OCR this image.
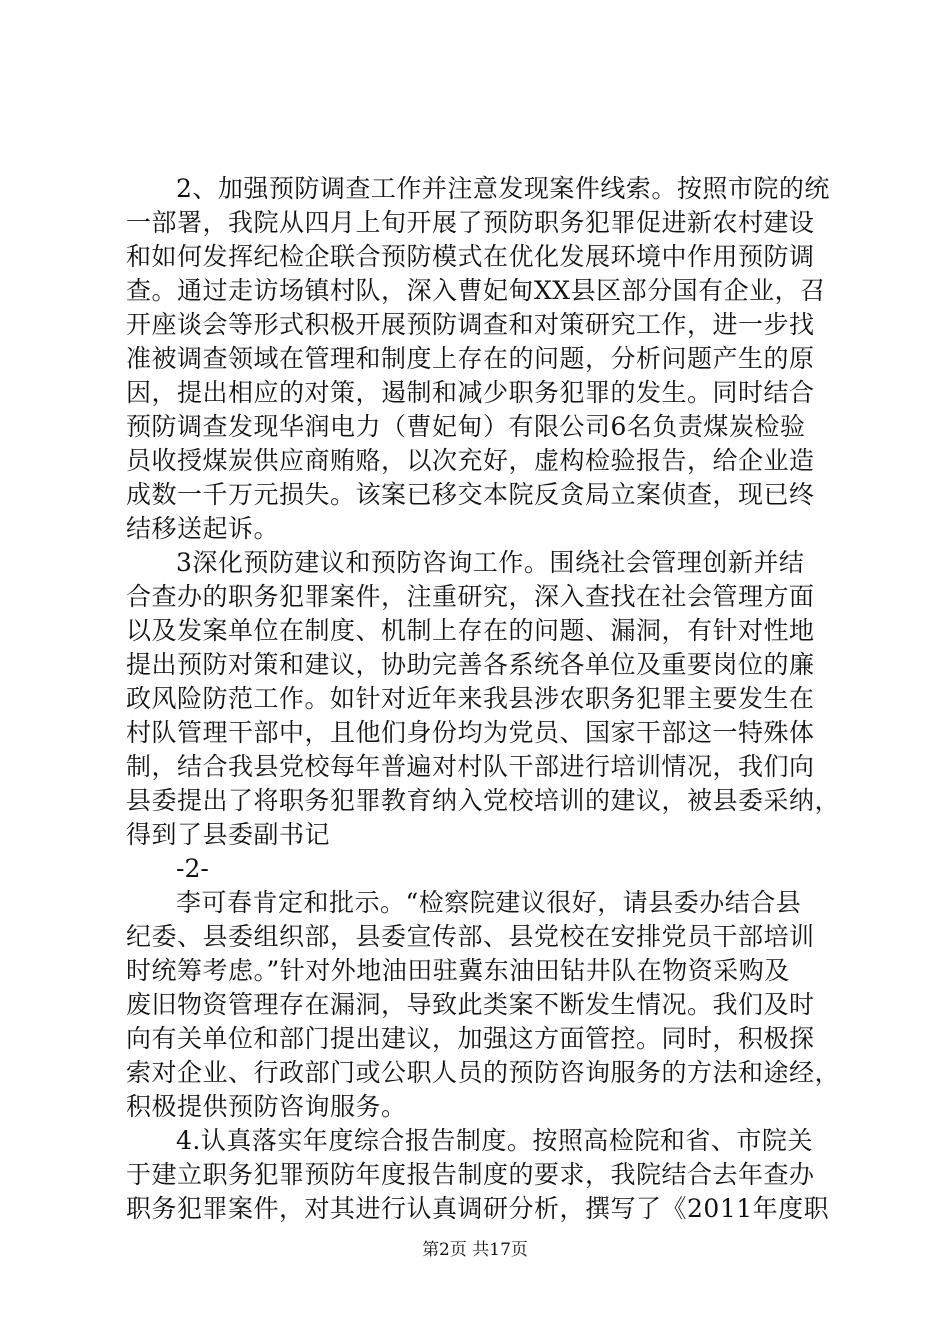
2、加强预防调查工作并注意发现案件线索。按照市院的统
一部署，我院从四月上旬开展了预防职务犯罪促进新农村建设
和如何发挥纪检企联合预防模式在优化发展环境中作用预防调
查。通过走访场镇村队，深入曹妃甸XX县区部分国有企业，召
开座谈会等形式积极开展预防调查和对策研究工作，进一步找
准被调查领域在管理和制度上存在的问题，分析问题产生的原
因，提出相应的对策，遏制和减少职务犯罪的发生。同时结合
预防调查发现华润电力（曹妃甸）有限公司6名负责煤炭检验
员收授煤炭供应商贿赂，以次充好，虚构检验报告，给企业造
成数一千万元损失。该案已移交本院反贪局立案侦查，现已终
结移送起诉。
3深化预防建议和预防咨询工作。围绕社会管理创新并结
合查办的职务犯罪案件，注重研究，深入查找在社会管理方面
以及发案单位在制度、机制上存在的问题、漏洞，有针对性地
提出预防对策和建议，协助完善各系统各单位及重要岗位的廉
政风险防范工作。如针对近年来我县涉农职务犯罪主要发生在
村队管理干部中，且他们身份均为党员、国家干部这一特殊体
制，结合我县党校每年普遍对村队干部进行培训情况，我们向
县委提出了将职务犯罪教育纳入党校培训的建议，被县委采纳，
得到了县委副书记
-2-
李可春肯定和批示。“检察院建议很好，请县委办结合县
纪委、县委组织部，县委宣传部、县党校在安排党员干部培训
时统筹考虑。”针对外地油田驻冀东油田钻井队在物资采购及
废旧物资管理存在漏洞，导致此类案不断发生情况。我们及时
向有关单位和部门提出建议，加强这方面管控。同时，积极探
索对企业、行政部门或公职人员的预防咨询服务的方法和途经，
积极提供预防咨询服务。
4.认真落实年度综合报告制度。按照高检院和省、市院关
于建立职务犯罪预防年度报告制度的要求，我院结合去年查办
职务犯罪案件，对其进行认真调研分析，撰写了《2011年度职
第2页 共17页
